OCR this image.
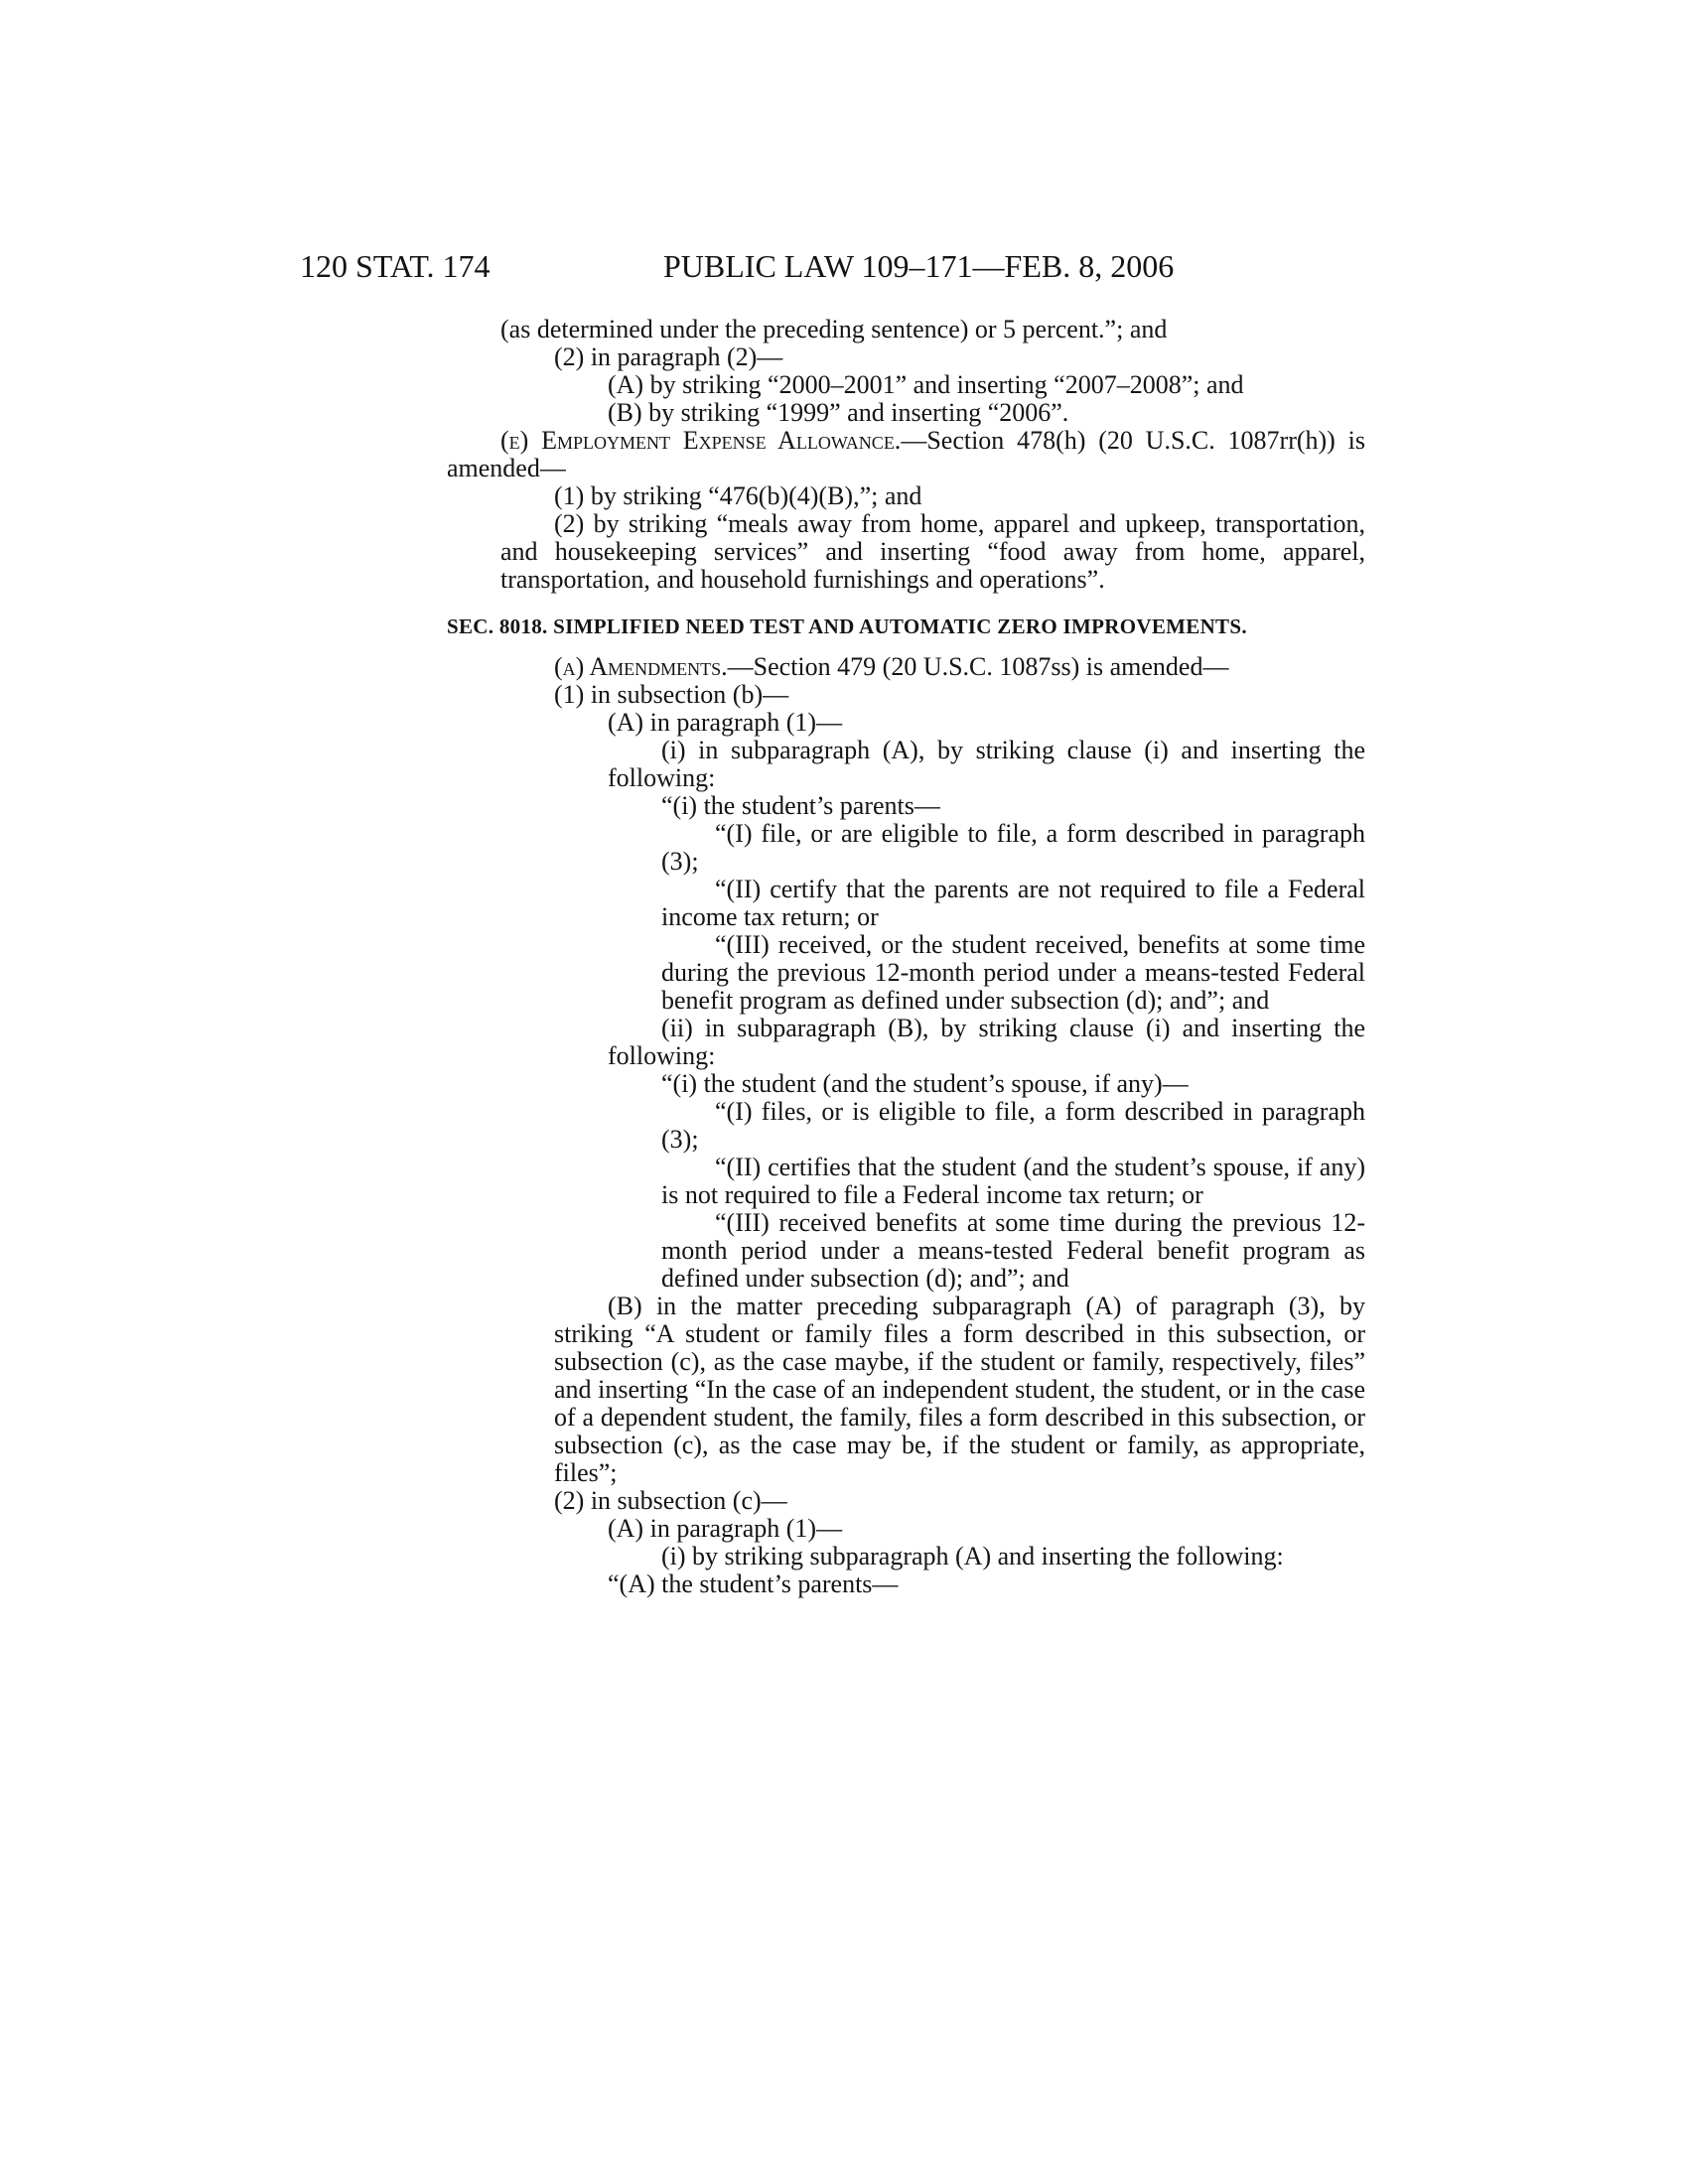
120 STAT. 174	PUBLIC LAW 109–171—FEB. 8, 2006

(as determined under the preceding sentence) or 5 percent.”; and

(2) in paragraph (2)—

(A) by striking “2000–2001” and inserting “2007–2008”; and

(B) by striking “1999” and inserting “2006”.

(e) Employment Expense Allowance.—Section 478(h) (20 U.S.C. 1087rr(h)) is amended—

(1) by striking “476(b)(4)(B),”; and

(2) by striking “meals away from home, apparel and upkeep, transportation, and housekeeping services” and inserting “food away from home, apparel, transportation, and household furnishings and operations”.

SEC. 8018. SIMPLIFIED NEED TEST AND AUTOMATIC ZERO IMPROVEMENTS.

(a) Amendments.—Section 479 (20 U.S.C. 1087ss) is amended—

(1) in subsection (b)—

(A) in paragraph (1)—

(i) in subparagraph (A), by striking clause (i) and inserting the following:

“(i) the student’s parents—

“(I) file, or are eligible to file, a form described in paragraph (3);

“(II) certify that the parents are not required to file a Federal income tax return; or

“(III) received, or the student received, benefits at some time during the previous 12-month period under a means-tested Federal benefit program as defined under subsection (d); and”; and

(ii) in subparagraph (B), by striking clause (i) and inserting the following:

“(i) the student (and the student’s spouse, if any)—

“(I) files, or is eligible to file, a form described in paragraph (3);

“(II) certifies that the student (and the student’s spouse, if any) is not required to file a Federal income tax return; or

“(III) received benefits at some time during the previous 12-month period under a means-tested Federal benefit program as defined under subsection (d); and”; and

(B) in the matter preceding subparagraph (A) of paragraph (3), by striking “A student or family files a form described in this subsection, or subsection (c), as the case maybe, if the student or family, respectively, files” and inserting “In the case of an independent student, the student, or in the case of a dependent student, the family, files a form described in this subsection, or subsection (c), as the case may be, if the student or family, as appropriate, files”;

(2) in subsection (c)—

(A) in paragraph (1)—

(i) by striking subparagraph (A) and inserting the following:

“(A) the student’s parents—
